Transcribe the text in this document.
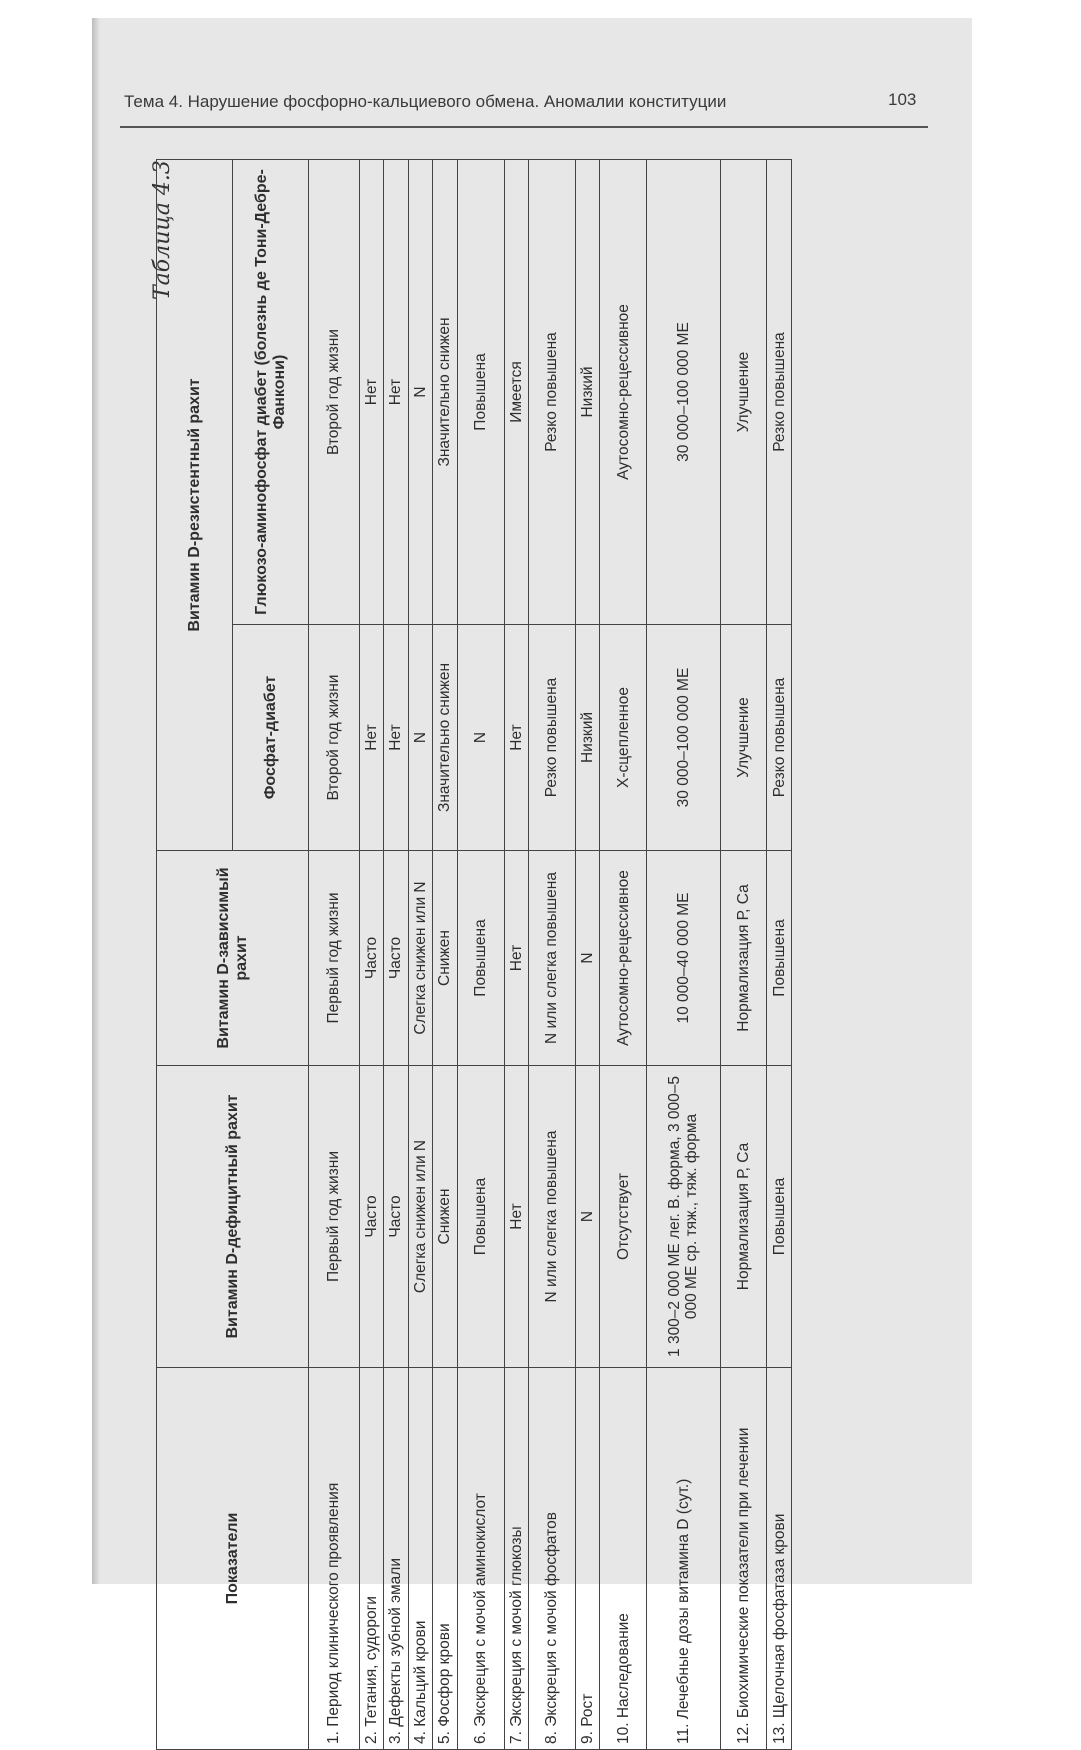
Тема 4. Нарушение фосфорно-кальциевого обмена. Аномалии конституции	103
Таблица 4.3
Показатели	Витамин D-дефицитный рахит	Витамин D-зависимый рахит	Витамин D-резистентный рахит	
			Фосфат-диабет	Глюкозо-аминофосфат диабет (болезнь де Тони-Дебре-Фанкони)
1. Период клинического проявления	Первый год жизни	Первый год жизни	Второй год жизни	Второй год жизни
2. Тетания, судороги	Часто	Часто	Нет	Нет
3. Дефекты зубной эмали	Часто	Часто	Нет	Нет
4. Кальций крови	Слегка снижен или N	Слегка снижен или N	N	N
5. Фосфор крови	Снижен	Снижен	Значительно снижен	Значительно снижен
6. Экскреция с мочой аминокислот	Повышена	Повышена	N	Повышена
7. Экскреция с мочой глюкозы	Нет	Нет	Нет	Имеется
8. Экскреция с мочой фосфатов	N или слегка повышена	N или слегка повышена	Резко повышена	Резко повышена
9. Рост	N	N	Низкий	Низкий
10. Наследование	Отсутствует	Аутосомно-рецессивное	Х-сцепленное	Аутосомно-рецессивное
11. Лечебные дозы витамина D (сут.)	1 300–2 000 МЕ лег. В. форма, 3 000–5 000 МЕ ср. тяж., тяж. форма	10 000–40 000 МЕ	30 000–100 000 МЕ	30 000–100 000 МЕ
12. Биохимические показатели при лечении	Нормализация Р, Са	Нормализация Р, Са	Улучшение	Улучшение
13. Щелочная фосфатаза крови	Повышена	Повышена	Резко повышена	Резко повышена
